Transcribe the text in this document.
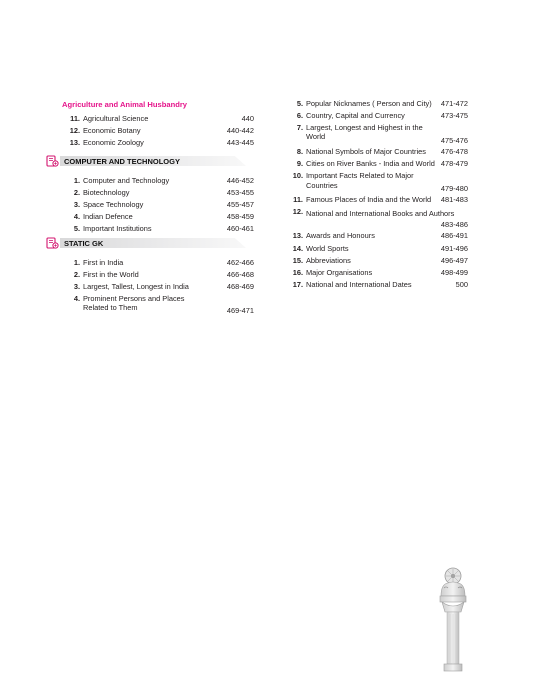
Agriculture and Animal Husbandry
11. Agricultural Science	440
12. Economic Botany	440-442
13. Economic Zoology	443-445
COMPUTER AND TECHNOLOGY
1. Computer and Technology	446-452
2. Biotechnology	453-455
3. Space Technology	455-457
4. Indian Defence	458-459
5. Important Institutions	460-461
STATIC GK
1. First in India	462-466
2. First in the World	466-468
3. Largest, Tallest, Longest in India	468-469
4. Prominent Persons and Places Related to Them	469-471
5. Popular Nicknames ( Person and City)	471-472
6. Country, Capital and Currency	473-475
7. Largest, Longest and Highest in the World	475-476
8. National Symbols of Major Countries 476-478
9. Cities on River Banks - India and World 478-479
10. Important Facts Related to Major Countries	479-480
11. Famous Places of India and the World	481-483
12. National and International Books and Authors
483-486
13. Awards and Honours	486-491
14. World Sports	491-496
15. Abbreviations	496-497
16. Major Organisations	498-499
17. National and International Dates	500
